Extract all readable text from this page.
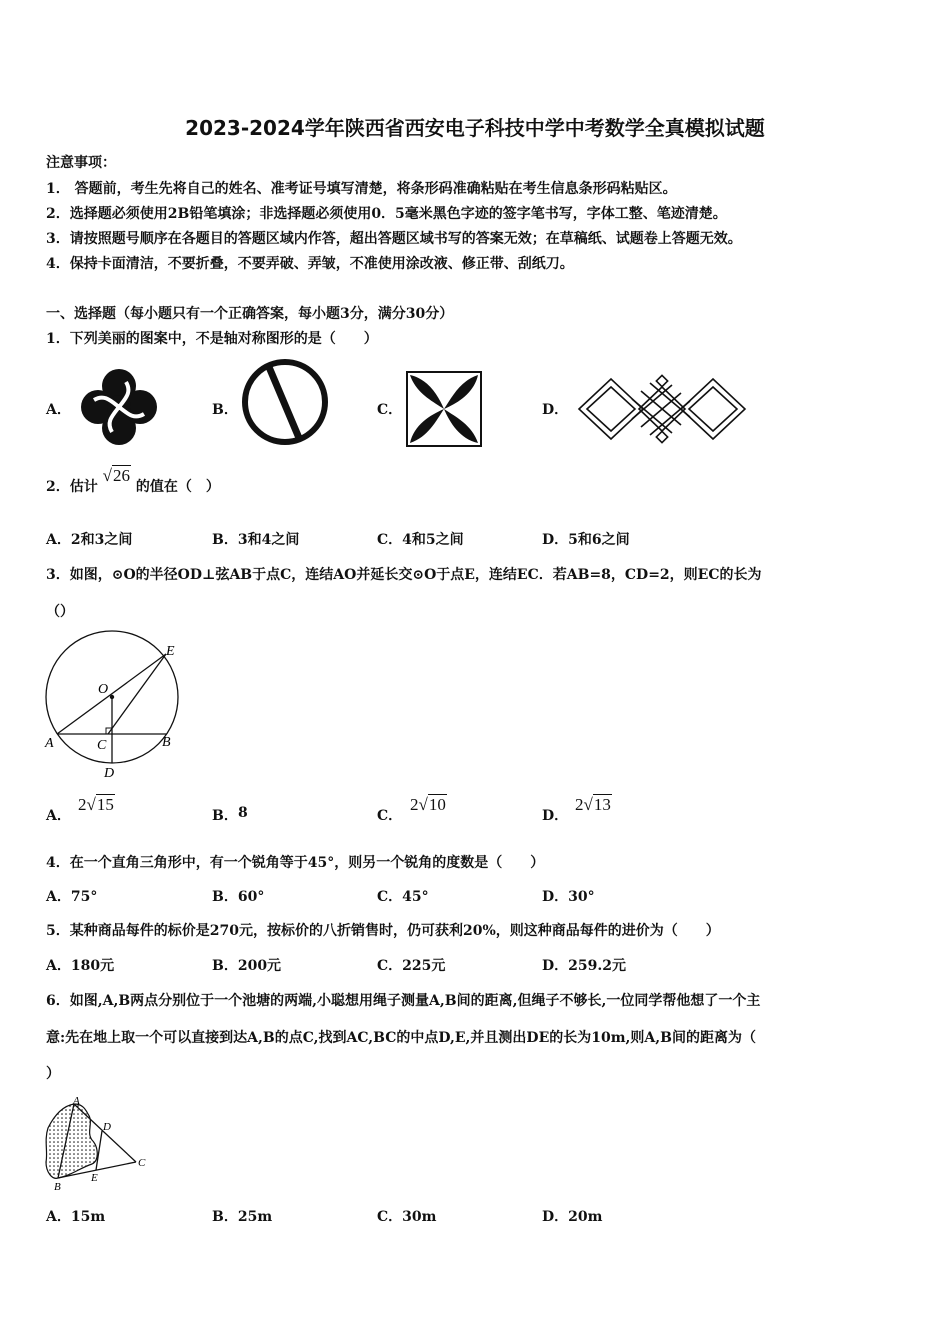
2023-2024学年陕西省西安电子科技中学中考数学全真模拟试题
注意事项：
1． 答题前，考生先将自己的姓名、准考证号填写清楚，将条形码准确粘贴在考生信息条形码粘贴区。
2．选择题必须使用2B铅笔填涂；非选择题必须使用0．5毫米黑色字迹的签字笔书写，字体工整、笔迹清楚。
3．请按照题号顺序在各题目的答题区域内作答，超出答题区域书写的答案无效；在草稿纸、试题卷上答题无效。
4．保持卡面清洁，不要折叠，不要弄破、弄皱，不准使用涂改液、修正带、刮纸刀。
一、选择题（每小题只有一个正确答案，每小题3分，满分30分）
1．下列美丽的图案中，不是轴对称图形的是（　　）
A．	B．	C．	D．
2．估计 √26 的值在（　）
A．2和3之间	B．3和4之间	C．4和5之间	D．5和6之间
3．如图，⊙O的半径OD⊥弦AB于点C，连结AO并延长交⊙O于点E，连结EC．若AB=8，CD=2，则EC的长为
（）
E
O
A	C	B
D
A．
2√15
B． 8	C．
2√10
D．
2√13
4．在一个直角三角形中，有一个锐角等于45°，则另一个锐角的度数是（　　）
A．75°	B．60°	C．45°	D．30°
5．某种商品每件的标价是270元，按标价的八折销售时，仍可获利20%，则这种商品每件的进价为（　　）
A．180元	B．200元	C．225元	D．259.2元
6．如图,A,B两点分别位于一个池塘的两端,小聪想用绳子测量A,B间的距离,但绳子不够长,一位同学帮他想了一个主
意:先在地上取一个可以直接到达A,B的点C,找到AC,BC的中点D,E,并且测出DE的长为10m,则A,B间的距离为（
）
A
B
C
D
E
A．15m	B．25m	C．30m	D．20m
